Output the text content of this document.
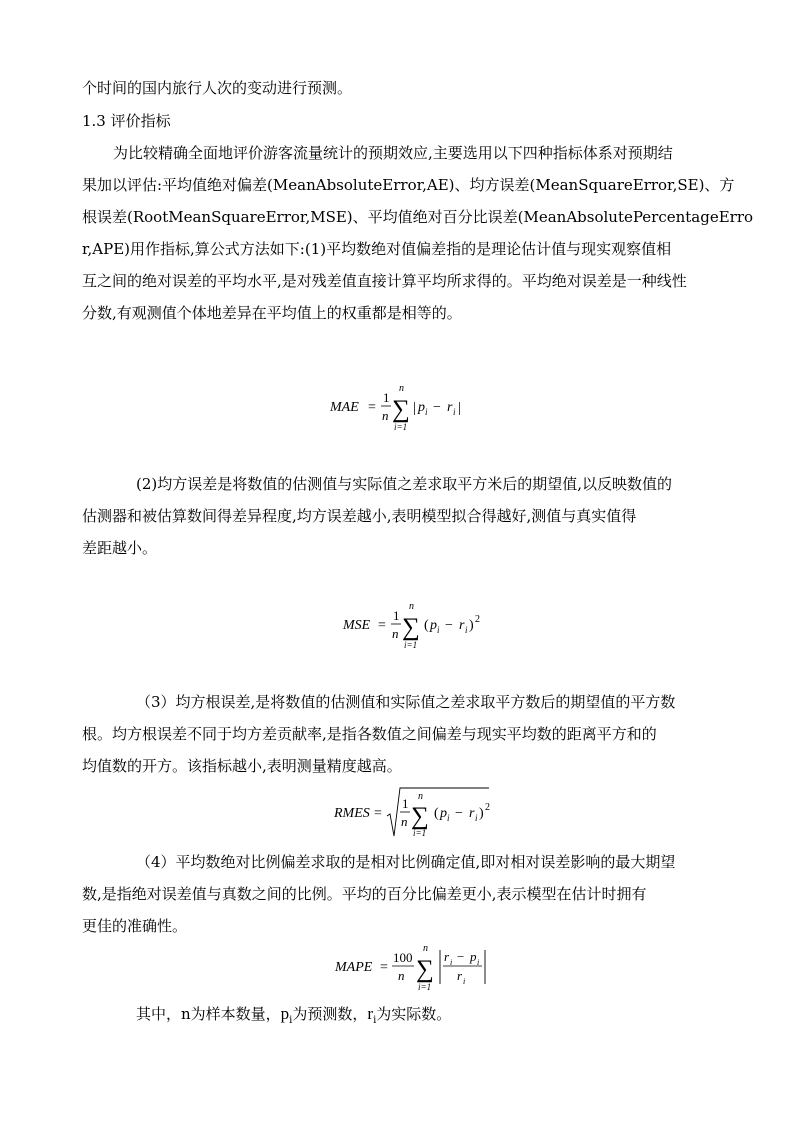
个时间的国内旅行人次的变动进行预测。
1.3 评价指标
为比较精确全面地评价游客流量统计的预期效应,主要选用以下四种指标体系对预期结
果加以评估:平均值绝对偏差(MeanAbsoluteError,AE)、均方误差(MeanSquareError,SE)、方
根误差(RootMeanSquareError,MSE)、平均值绝对百分比误差(MeanAbsolutePercentageErro
r,APE)用作指标,算公式方法如下:(1)平均数绝对值偏差指的是理论估计值与现实观察值相
互之间的绝对误差的平均水平,是对残差值直接计算平均所求得的。平均绝对误差是一种线性
分数,有观测值个体地差异在平均值上的权重都是相等的。
MAE =
1
n
n
∑
i=1
| p i − r i |
(2)均方误差是将数值的估测值与实际值之差求取平方米后的期望值,以反映数值的
估测器和被估算数间得差异程度,均方误差越小,表明模型拟合得越好,测值与真实值得
差距越小。
MSE =
1
n
n
∑
i=1
( p i − r i ) 2
（3）均方根误差,是将数值的估测值和实际值之差求取平方数后的期望值的平方数
根。均方根误差不同于均方差贡献率,是指各数值之间偏差与现实平均数的距离平方和的
均值数的开方。该指标越小,表明测量精度越高。
RMES =
1
n
n
∑
i=1
( p i − r i ) 2
（4）平均数绝对比例偏差求取的是相对比例确定值,即对相对误差影响的最大期望
数,是指绝对误差值与真数之间的比例。平均的百分比偏差更小,表示模型在估计时拥有
更佳的准确性。
MAPE =
100
n
n
∑ r i − p i
r i
i=1
其中，n为样本数量，$p_i$为预测数，$r_i$为实际数。
